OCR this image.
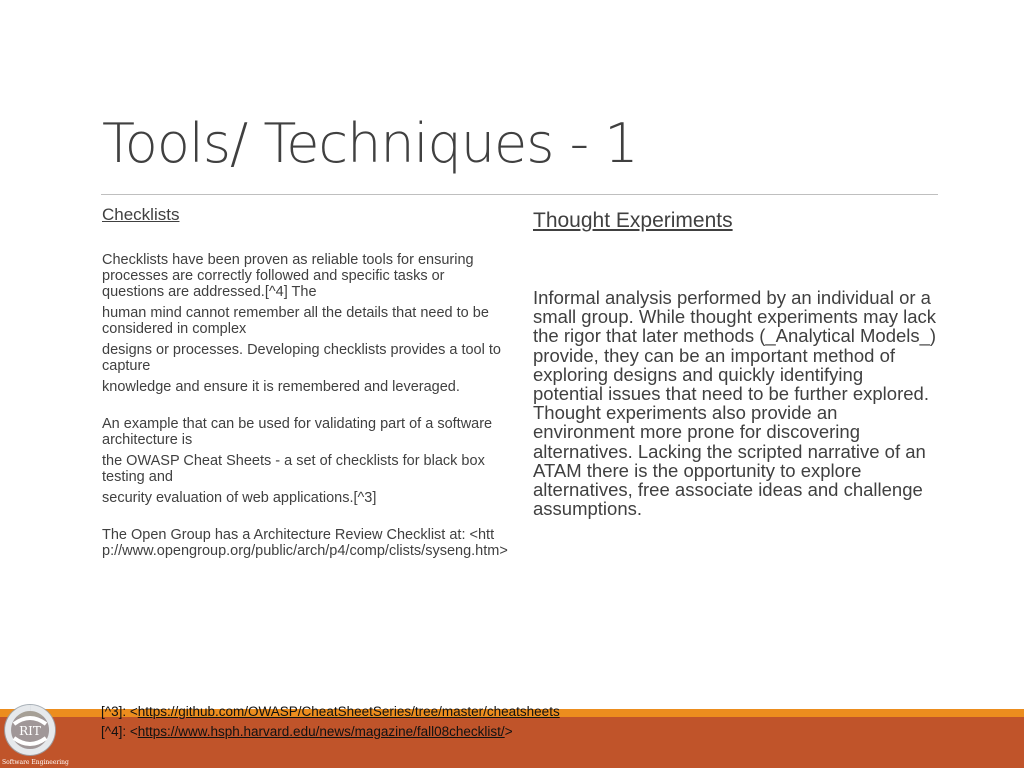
Tools/ Techniques - 1
Checklists

Checklists have been proven as reliable tools for ensuring processes are correctly followed and specific tasks or questions are addressed.[^4] The

human mind cannot remember all the details that need to be considered in complex

designs or processes. Developing checklists provides a tool to capture

knowledge and ensure it is remembered and leveraged.

An example that can be used for validating part of a software architecture is

the OWASP Cheat Sheets - a set of checklists for black box testing and

security evaluation of web applications.[^3]

The Open Group has a Architecture Review Checklist at: <http://www.opengroup.org/public/arch/p4/comp/clists/syseng.htm>

Thought Experiments
Informal analysis performed by an individual or a small group. While thought experiments may lack the rigor that later methods (_Analytical Models_) provide, they can be an important method of exploring designs and quickly identifying potential issues that need to be further explored. Thought experiments also provide an environment more prone for discovering alternatives. Lacking the scripted narrative of an ATAM there is the opportunity to explore alternatives, free associate ideas and challenge assumptions.
RIT
Software Engineering
[^3]: <https://github.com/OWASP/CheatSheetSeries/tree/master/cheatsheets
[^4]: <https://www.hsph.harvard.edu/news/magazine/fall08checklist/>
